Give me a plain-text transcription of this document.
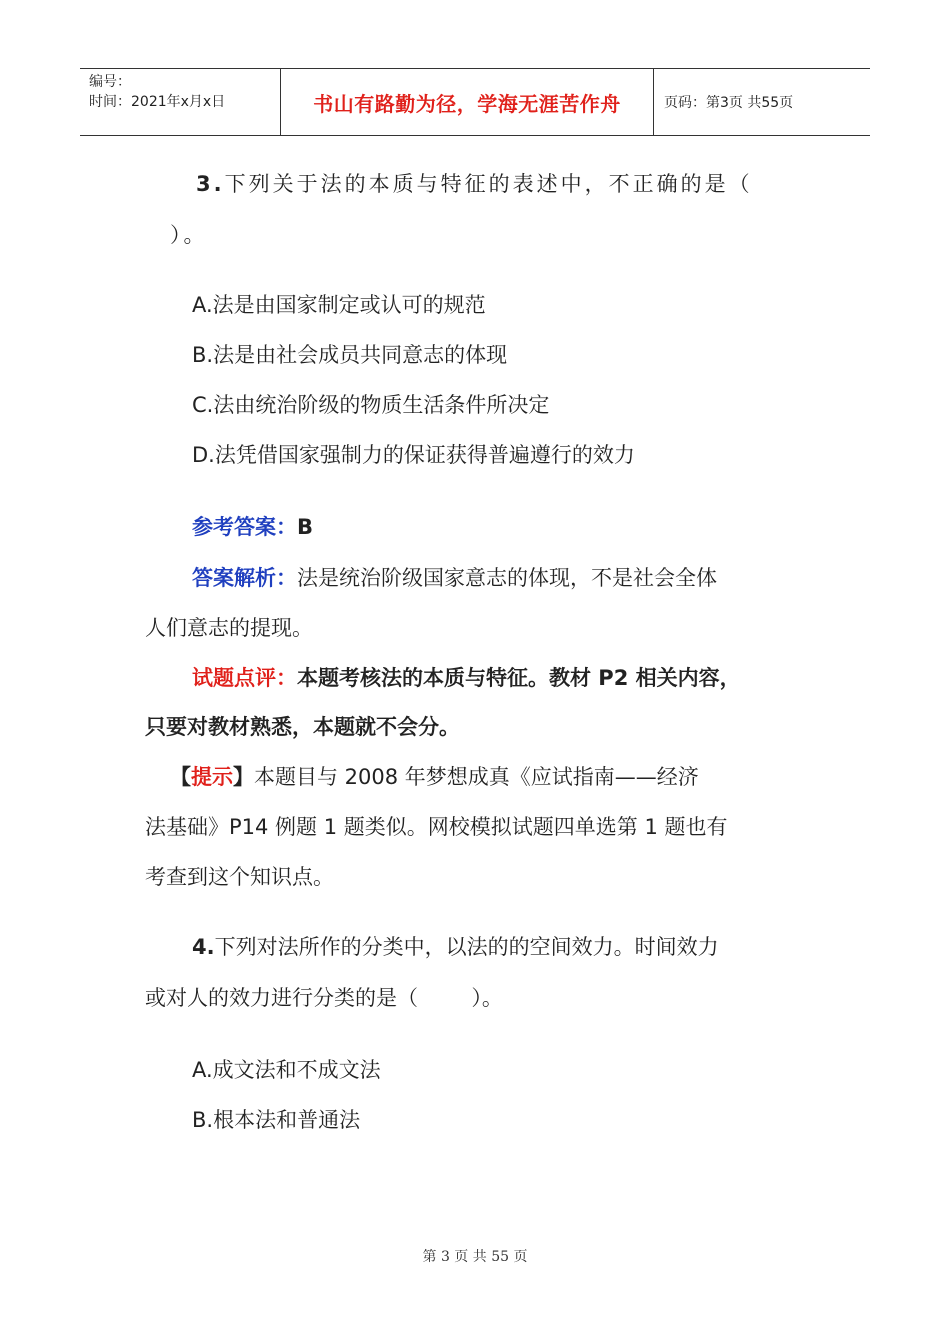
编号：
时间：2021年x月x日	书山有路勤为径，学海无涯苦作舟	页码：第3页 共55页
3.下列关于法的本质与特征的表述中，不正确的是（
）。
A.法是由国家制定或认可的规范
B.法是由社会成员共同意志的体现
C.法由统治阶级的物质生活条件所决定
D.法凭借国家强制力的保证获得普遍遵行的效力
参考答案：B
答案解析：法是统治阶级国家意志的体现，不是社会全体
人们意志的提现。
试题点评：本题考核法的本质与特征。教材 P2 相关内容，
只要对教材熟悉，本题就不会分。
【提示】本题目与 2008 年梦想成真《应试指南——经济
法基础》P14 例题 1 题类似。网校模拟试题四单选第 1 题也有
考查到这个知识点。
4.下列对法所作的分类中，以法的的空间效力。时间效力
或对人的效力进行分类的是（        ）。
A.成文法和不成文法
B.根本法和普通法
第 3 页 共 55 页
